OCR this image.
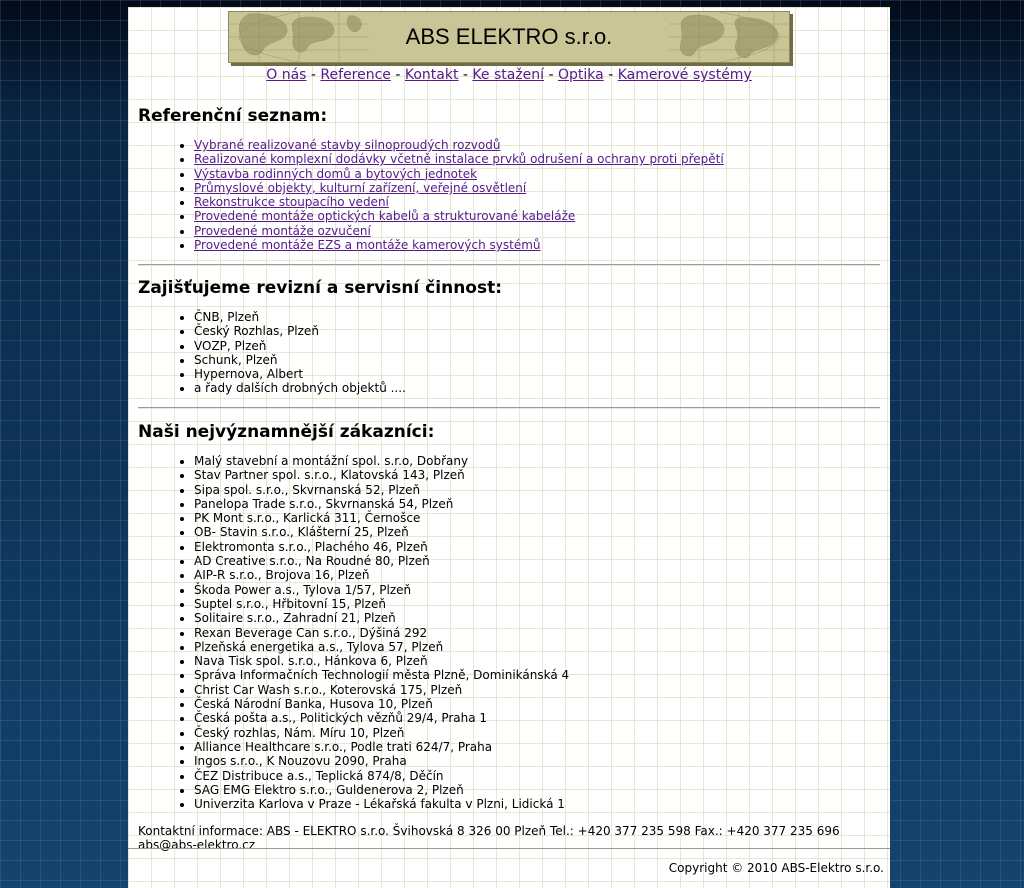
ABS ELEKTRO s.r.o.
O nás - Reference - Kontakt - Ke stažení - Optika - Kamerové systémy
Referenční seznam:
• Vybrané realizované stavby silnoproudých rozvodů
• Realizované komplexní dodávky včetně instalace prvků odrušení a ochrany proti přepětí
• Výstavba rodinných domů a bytových jednotek
• Průmyslové objekty, kulturní zařízení, veřejné osvětlení
• Rekonstrukce stoupacího vedení
• Provedené montáže optických kabelů a strukturované kabeláže
• Provedené montáže ozvučení
• Provedené montáže EZS a montáže kamerových systémů
Zajišťujeme revizní a servisní činnost:
• ČNB, Plzeň
• Český Rozhlas, Plzeň
• VOZP, Plzeň
• Schunk, Plzeň
• Hypernova, Albert
• a řady dalších drobných objektů ....
Naši nejvýznamnější zákazníci:
• Malý stavební a montážní spol. s.r.o, Dobřany
• Stav Partner spol. s.r.o., Klatovská 143, Plzeň
• Sipa spol. s.r.o., Skvrnanská 52, Plzeň
• Panelopa Trade s.r.o., Skvrnanská 54, Plzeň
• PK Mont s.r.o., Karlická 311, Černošce
• OB- Stavin s.r.o., Klášterní 25, Plzeň
• Elektromonta s.r.o., Plachého 46, Plzeň
• AD Creative s.r.o., Na Roudné 80, Plzeň
• AIP-R s.r.o., Brojova 16, Plzeň
• Škoda Power a.s., Tylova 1/57, Plzeň
• Suptel s.r.o., Hřbitovní 15, Plzeň
• Solitaire s.r.o., Zahradní 21, Plzeň
• Rexan Beverage Can s.r.o., Dýšiná 292
• Plzeňská energetika a.s., Tylova 57, Plzeň
• Nava Tisk spol. s.r.o., Hánkova 6, Plzeň
• Správa Informačních Technologií města Plzně, Dominikánská 4
• Christ Car Wash s.r.o., Koterovská 175, Plzeň
• Česká Národní Banka, Husova 10, Plzeň
• Česká pošta a.s., Politických vězňů 29/4, Praha 1
• Český rozhlas, Nám. Míru 10, Plzeň
• Alliance Healthcare s.r.o., Podle trati 624/7, Praha
• Ingos s.r.o., K Nouzovu 2090, Praha
• ČEZ Distribuce a.s., Teplická 874/8, Děčín
• SAG EMG Elektro s.r.o., Guldenerova 2, Plzeň
• Univerzita Karlova v Praze - Lékařská fakulta v Plzni, Lidická 1
Kontaktní informace: ABS - ELEKTRO s.r.o. Švihovská 8 326 00 Plzeň Tel.: +420 377 235 598 Fax.: +420 377 235 696 abs@abs-elektro.cz
Copyright © 2010 ABS-Elektro s.r.o.
